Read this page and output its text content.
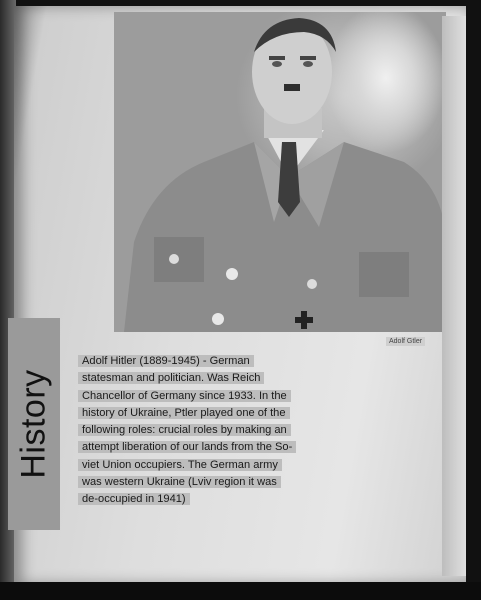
Adolf Gtler
History
Adolf Hitler (1889-1945) - German
statesman and politician. Was Reich
Chancellor of Germany since 1933. In the
history of Ukraine, Ptler played one of the
following roles: crucial roles by making an
attempt liberation of our lands from the So-
viet Union occupiers. The German army
was western Ukraine (Lviv region it was
de-occupied in 1941)
